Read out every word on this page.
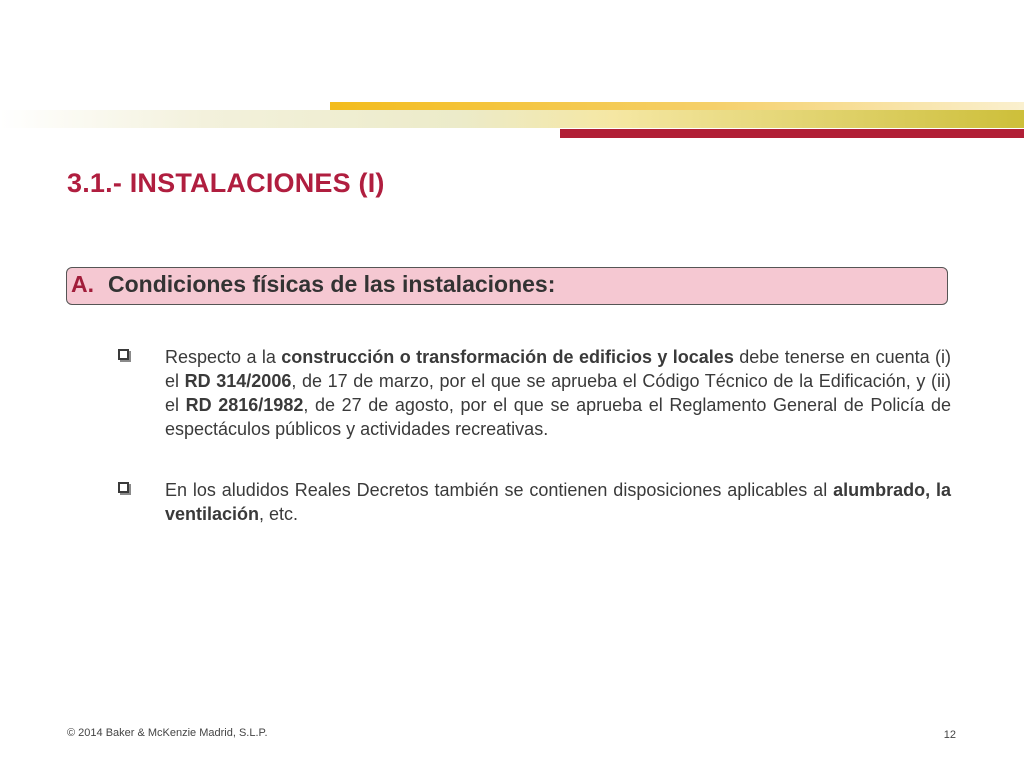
3.1.- INSTALACIONES (I)
A. Condiciones físicas de las instalaciones:

Respecto a la construcción o transformación de edificios y locales debe tenerse en cuenta (i) el RD 314/2006, de 17 de marzo, por el que se aprueba el Código Técnico de la Edificación, y (ii) el RD 2816/1982, de 27 de agosto, por el que se aprueba el Reglamento General de Policía de espectáculos públicos y actividades recreativas.

En los aludidos Reales Decretos también se contienen disposiciones aplicables al alumbrado, la ventilación, etc.

© 2014 Baker & McKenzie Madrid, S.L.P.	12
